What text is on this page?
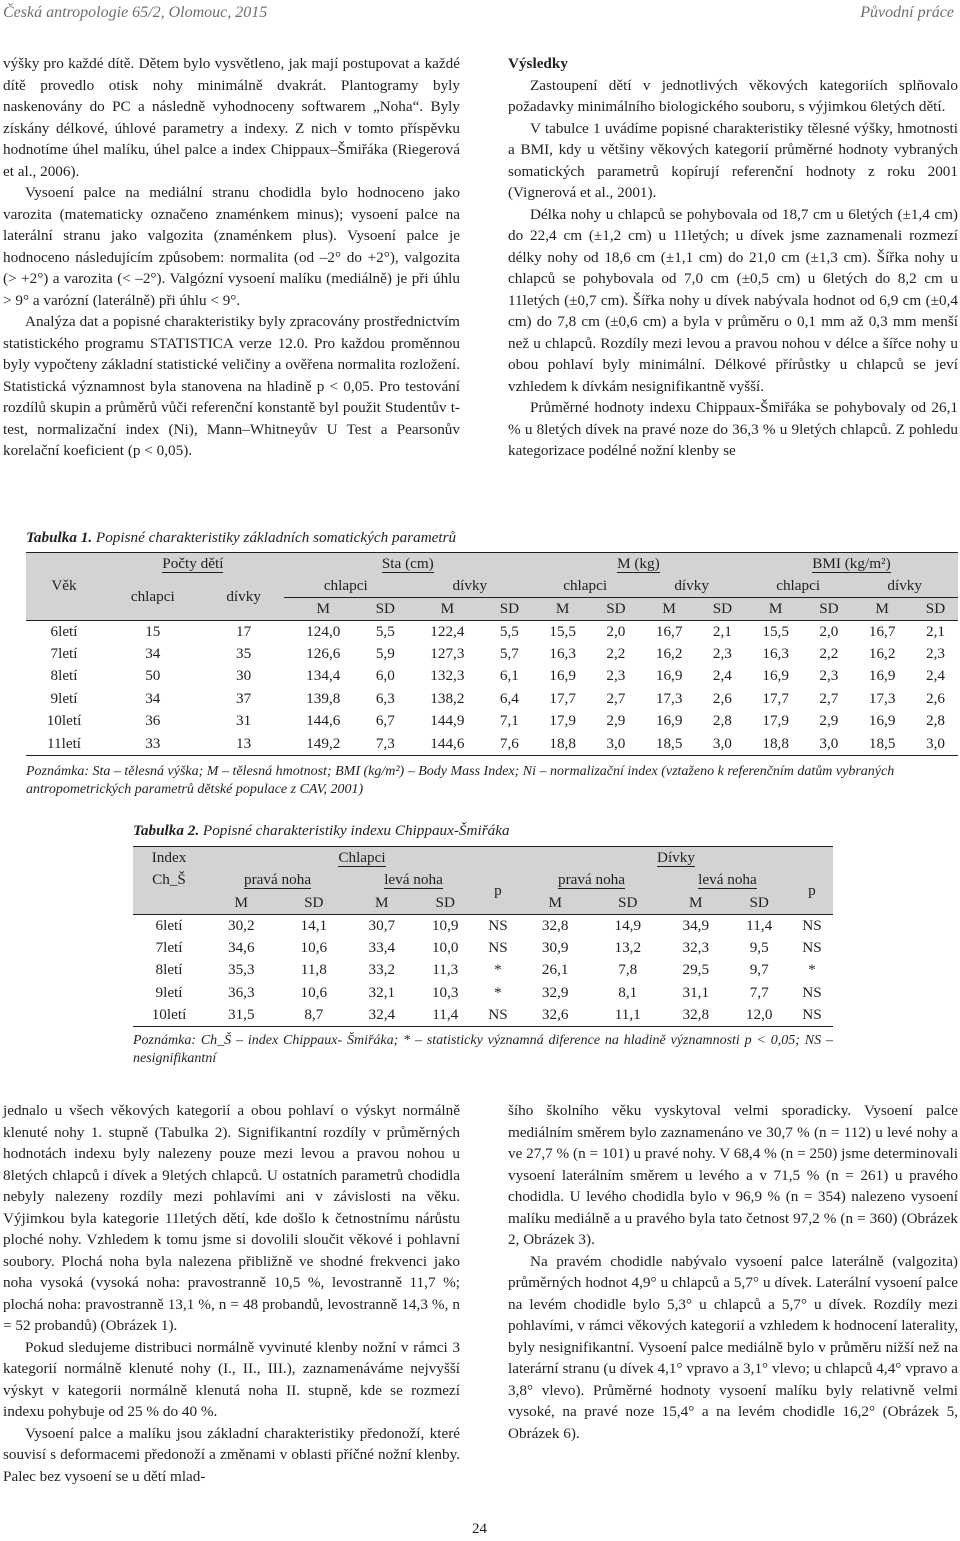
Česká antropologie 65/2, Olomouc, 2015	Původní práce

výšky pro každé dítě. Dětem bylo vysvětleno, jak mají postupovat a každé dítě provedlo otisk nohy minimálně dvakrát. Plantogramy byly naskenovány do PC a následně vyhodnoceny softwarem „Noha“. Byly získány délkové, úhlové parametry a indexy. Z nich v tomto příspěvku hodnotíme úhel malíku, úhel palce a index Chippaux–Šmiřáka (Riegerová et al., 2006).

Vysoení palce na mediální stranu chodidla bylo hodnoceno jako varozita (matematicky označeno znaménkem minus); vysoení palce na laterální stranu jako valgozita (znaménkem plus). Vysoení palce je hodnoceno následujícím způsobem: normalita (od –2° do +2°), valgozita (> +2°) a varozita (< –2°). Valgózní vysoení malíku (mediálně) je při úhlu > 9° a varózní (laterálně) při úhlu < 9°.

Analýza dat a popisné charakteristiky byly zpracovány prostřednictvím statistického programu STATISTICA verze 12.0. Pro každou proměnnou byly vypočteny základní statistické veličiny a ověřena normalita rozložení. Statistická významnost byla stanovena na hladině p < 0,05. Pro testování rozdílů skupin a průměrů vůči referenční konstantě byl použit Studentův t-test, normalizační index (Ni), Mann–Whitneyův U Test a Pearsonův korelační koeficient (p < 0,05).

Výsledky

Zastoupení dětí v jednotlivých věkových kategoriích splňovalo požadavky minimálního biologického souboru, s výjimkou 6letých dětí.

V tabulce 1 uvádíme popisné charakteristiky tělesné výšky, hmotnosti a BMI, kdy u většiny věkových kategorií průměrné hodnoty vybraných somatických parametrů kopírují referenční hodnoty z roku 2001 (Vignerová et al., 2001).

Délka nohy u chlapců se pohybovala od 18,7 cm u 6letých (±1,4 cm) do 22,4 cm (±1,2 cm) u 11letých; u dívek jsme zaznamenali rozmezí délky nohy od 18,6 cm (±1,1 cm) do 21,0 cm (±1,3 cm). Šířka nohy u chlapců se pohybovala od 7,0 cm (±0,5 cm) u 6letých do 8,2 cm u 11letých (±0,7 cm). Šířka nohy u dívek nabývala hodnot od 6,9 cm (±0,4 cm) do 7,8 cm (±0,6 cm) a byla v průměru o 0,1 mm až 0,3 mm menší než u chlapců. Rozdíly mezi levou a pravou nohou v délce a šířce nohy u obou pohlaví byly minimální. Délkové přírůstky u chlapců se jeví vzhledem k dívkám nesignifikantně vyšší.

Průměrné hodnoty indexu Chippaux-Šmiřáka se pohybovaly od 26,1 % u 8letých dívek na pravé noze do 36,3 % u 9letých chlapců. Z pohledu kategorizace podélné nožní klenby se

Tabulka 1. Popisné charakteristiky základních somatických parametrů
Věk	Počty dětí		Sta (cm)				M (kg)				BMI (kg/m²)			
	chlapci	dívky	chlapci		dívky		chlapci		dívky		chlapci		dívky	
			M	SD	M	SD	M	SD	M	SD	M	SD	M	SD
6letí	15	17	124,0	5,5	122,4	5,5	15,5	2,0	16,7	2,1	15,5	2,0	16,7	2,1
7letí	34	35	126,6	5,9	127,3	5,7	16,3	2,2	16,2	2,3	16,3	2,2	16,2	2,3
8letí	50	30	134,4	6,0	132,3	6,1	16,9	2,3	16,9	2,4	16,9	2,3	16,9	2,4
9letí	34	37	139,8	6,3	138,2	6,4	17,7	2,7	17,3	2,6	17,7	2,7	17,3	2,6
10letí	36	31	144,6	6,7	144,9	7,1	17,9	2,9	16,9	2,8	17,9	2,9	16,9	2,8
11letí	33	13	149,2	7,3	144,6	7,6	18,8	3,0	18,5	3,0	18,8	3,0	18,5	3,0
Poznámka: Sta – tělesná výška; M – tělesná hmotnost; BMI (kg/m²) – Body Mass Index; Ni – normalizační index (vztaženo k referenčním datům vybraných antropometrických parametrů dětské populace z CAV, 2001)
Tabulka 2. Popisné charakteristiky indexu Chippaux-Šmiřáka
Index	Chlapci					Dívky				
Ch_Š	pravá noha		levá noha		p	pravá noha		levá noha		p
	M	SD	M	SD		M	SD	M	SD	
6letí	30,2	14,1	30,7	10,9	NS	32,8	14,9	34,9	11,4	NS
7letí	34,6	10,6	33,4	10,0	NS	30,9	13,2	32,3	9,5	NS
8letí	35,3	11,8	33,2	11,3	*	26,1	7,8	29,5	9,7	*
9letí	36,3	10,6	32,1	10,3	*	32,9	8,1	31,1	7,7	NS
10letí	31,5	8,7	32,4	11,4	NS	32,6	11,1	32,8	12,0	NS
Poznámka: Ch_Š – index Chippaux- Šmiřáka; * – statisticky významná diference na hladině významnosti p < 0,05; NS – nesignifikantní

jednalo u všech věkových kategorií a obou pohlaví o výskyt normálně klenuté nohy 1. stupně (Tabulka 2). Signifikantní rozdíly v průměrných hodnotách indexu byly nalezeny pouze mezi levou a pravou nohou u 8letých chlapců i dívek a 9letých chlapců. U ostatních parametrů chodidla nebyly nalezeny rozdíly mezi pohlavími ani v závislosti na věku. Výjimkou byla kategorie 11letých dětí, kde došlo k četnostnímu nárůstu ploché nohy. Vzhledem k tomu jsme si dovolili sloučit věkové i pohlavní soubory. Plochá noha byla nalezena přibližně ve shodné frekvenci jako noha vysoká (vysoká noha: pravostranně 10,5 %, levostranně 11,7 %; plochá noha: pravostranně 13,1 %, n = 48 probandů, levostranně 14,3 %, n = 52 probandů) (Obrázek 1).

Pokud sledujeme distribuci normálně vyvinuté klenby nožní v rámci 3 kategorií normálně klenuté nohy (I., II., III.), zaznamenáváme nejvyšší výskyt v kategorii normálně klenutá noha II. stupně, kde se rozmezí indexu pohybuje od 25 % do 40 %.

Vysoení palce a malíku jsou základní charakteristiky předonoží, které souvisí s deformacemi předonoží a změnami v oblasti příčné nožní klenby. Palec bez vysoení se u dětí mlad-

šího školního věku vyskytoval velmi sporadicky. Vysoení palce mediálním směrem bylo zaznamenáno ve 30,7 % (n = 112) u levé nohy a ve 27,7 % (n = 101) u pravé nohy. V 68,4 % (n = 250) jsme determinovali vysoení laterálním směrem u levého a v 71,5 % (n = 261) u pravého chodidla. U levého chodidla bylo v 96,9 % (n = 354) nalezeno vysoení malíku mediálně a u pravého byla tato četnost 97,2 % (n = 360) (Obrázek 2, Obrázek 3).

Na pravém chodidle nabývalo vysoení palce laterálně (valgozita) průměrných hodnot 4,9° u chlapců a 5,7° u dívek. Laterální vysoení palce na levém chodidle bylo 5,3° u chlapců a 5,7° u dívek. Rozdíly mezi pohlavími, v rámci věkových kategorií a vzhledem k hodnocení laterality, byly nesignifikantní. Vysoení palce mediálně bylo v průměru nižší než na laterární stranu (u dívek 4,1° vpravo a 3,1° vlevo; u chlapců 4,4° vpravo a 3,8° vlevo). Průměrné hodnoty vysoení malíku byly relativně velmi vysoké, na pravé noze 15,4° a na levém chodidle 16,2° (Obrázek 5, Obrázek 6).

24
